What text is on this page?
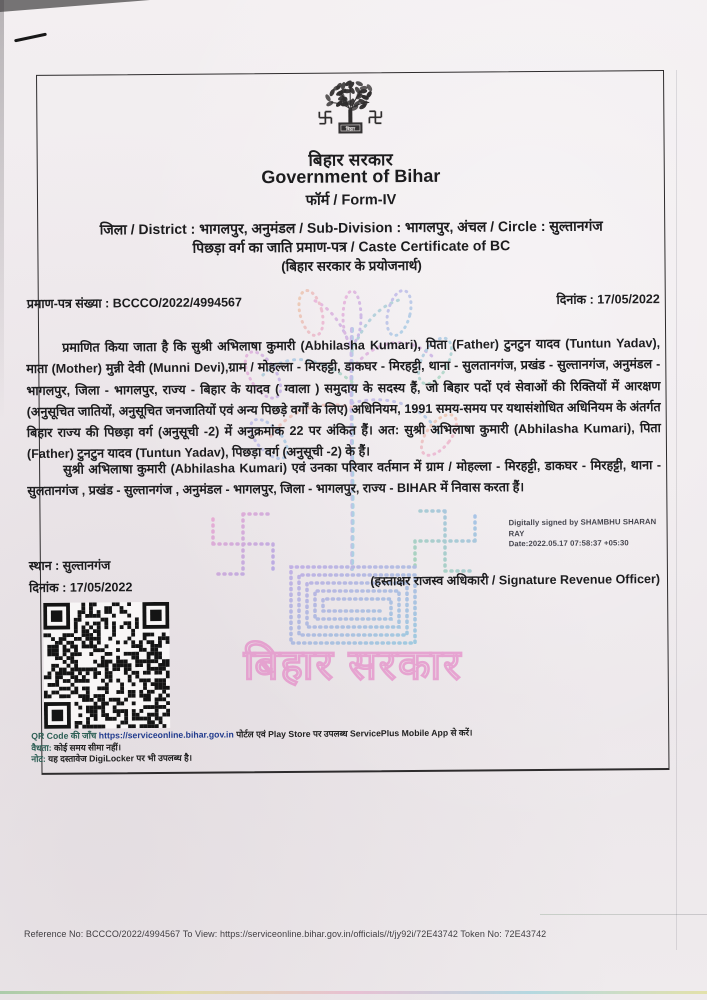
बिहार सरकार
बिहार
बिहार सरकार
Government of Bihar
फॉर्म / Form-IV
जिला / District : भागलपुर, अनुमंडल / Sub-Division : भागलपुर, अंचल / Circle : सुल्तानगंज
पिछड़ा वर्ग का जाति प्रमाण-पत्र / Caste Certificate of BC
(बिहार सरकार के प्रयोजनार्थ)
प्रमाण-पत्र संख्या : BCCCO/2022/4994567	दिनांक : 17/05/2022

प्रमाणित किया जाता है कि सुश्री अभिलाषा कुमारी (Abhilasha Kumari), पिता (Father) टुनटुन यादव (Tuntun Yadav), माता (Mother) मुन्नी देवी (Munni Devi),ग्राम / मोहल्ला - मिरहट्टी, डाकघर - मिरहट्टी, थाना - सुलतानगंज, प्रखंड - सुल्तानगंज, अनुमंडल - भागलपुर, जिला - भागलपुर, राज्य - बिहार के यादव ( ग्वाला ) समुदाय के सदस्य हैं, जो बिहार पदों एवं सेवाओं की रिक्तियों में आरक्षण (अनुसूचित जातियों, अनुसूचित जनजातियों एवं अन्य पिछड़े वर्गों के लिए) अधिनियम, 1991 समय-समय पर यथासंशोधित अधिनियम के अंतर्गत बिहार राज्य की पिछड़ा वर्ग (अनुसूची -2) में अनुक्रमांक 22 पर अंकित हैं। अत: सुश्री अभिलाषा कुमारी (Abhilasha Kumari), पिता (Father) टुनटुन यादव (Tuntun Yadav), पिछड़ा वर्ग (अनुसूची -2) के हैं।

सुश्री अभिलाषा कुमारी (Abhilasha Kumari) एवं उनका परिवार वर्तमान में ग्राम / मोहल्ला - मिरहट्टी, डाकघर - मिरहट्टी, थाना - सुलतानगंज , प्रखंड - सुल्तानगंज , अनुमंडल - भागलपुर, जिला - भागलपुर, राज्य - BIHAR में निवास करता हैं।

Digitally signed by SHAMBHU SHARAN RAY
Date:2022.05.17 07:58:37 +05:30
स्थान : सुल्तानगंज
दिनांक : 17/05/2022	(हस्ताक्षर राजस्व अधिकारी / Signature Revenue Officer)
QR Code की जाँच https://serviceonline.bihar.gov.in पोर्टल एवं Play Store पर उपलब्ध ServicePlus Mobile App से करें।
वैधता: कोई समय सीमा नहीं।
नोट: यह दस्तावेज DigiLocker पर भी उपलब्ध है।
Reference No: BCCCO/2022/4994567 To View: https://serviceonline.bihar.gov.in/officials//t/jy92i/72E43742 Token No: 72E43742
